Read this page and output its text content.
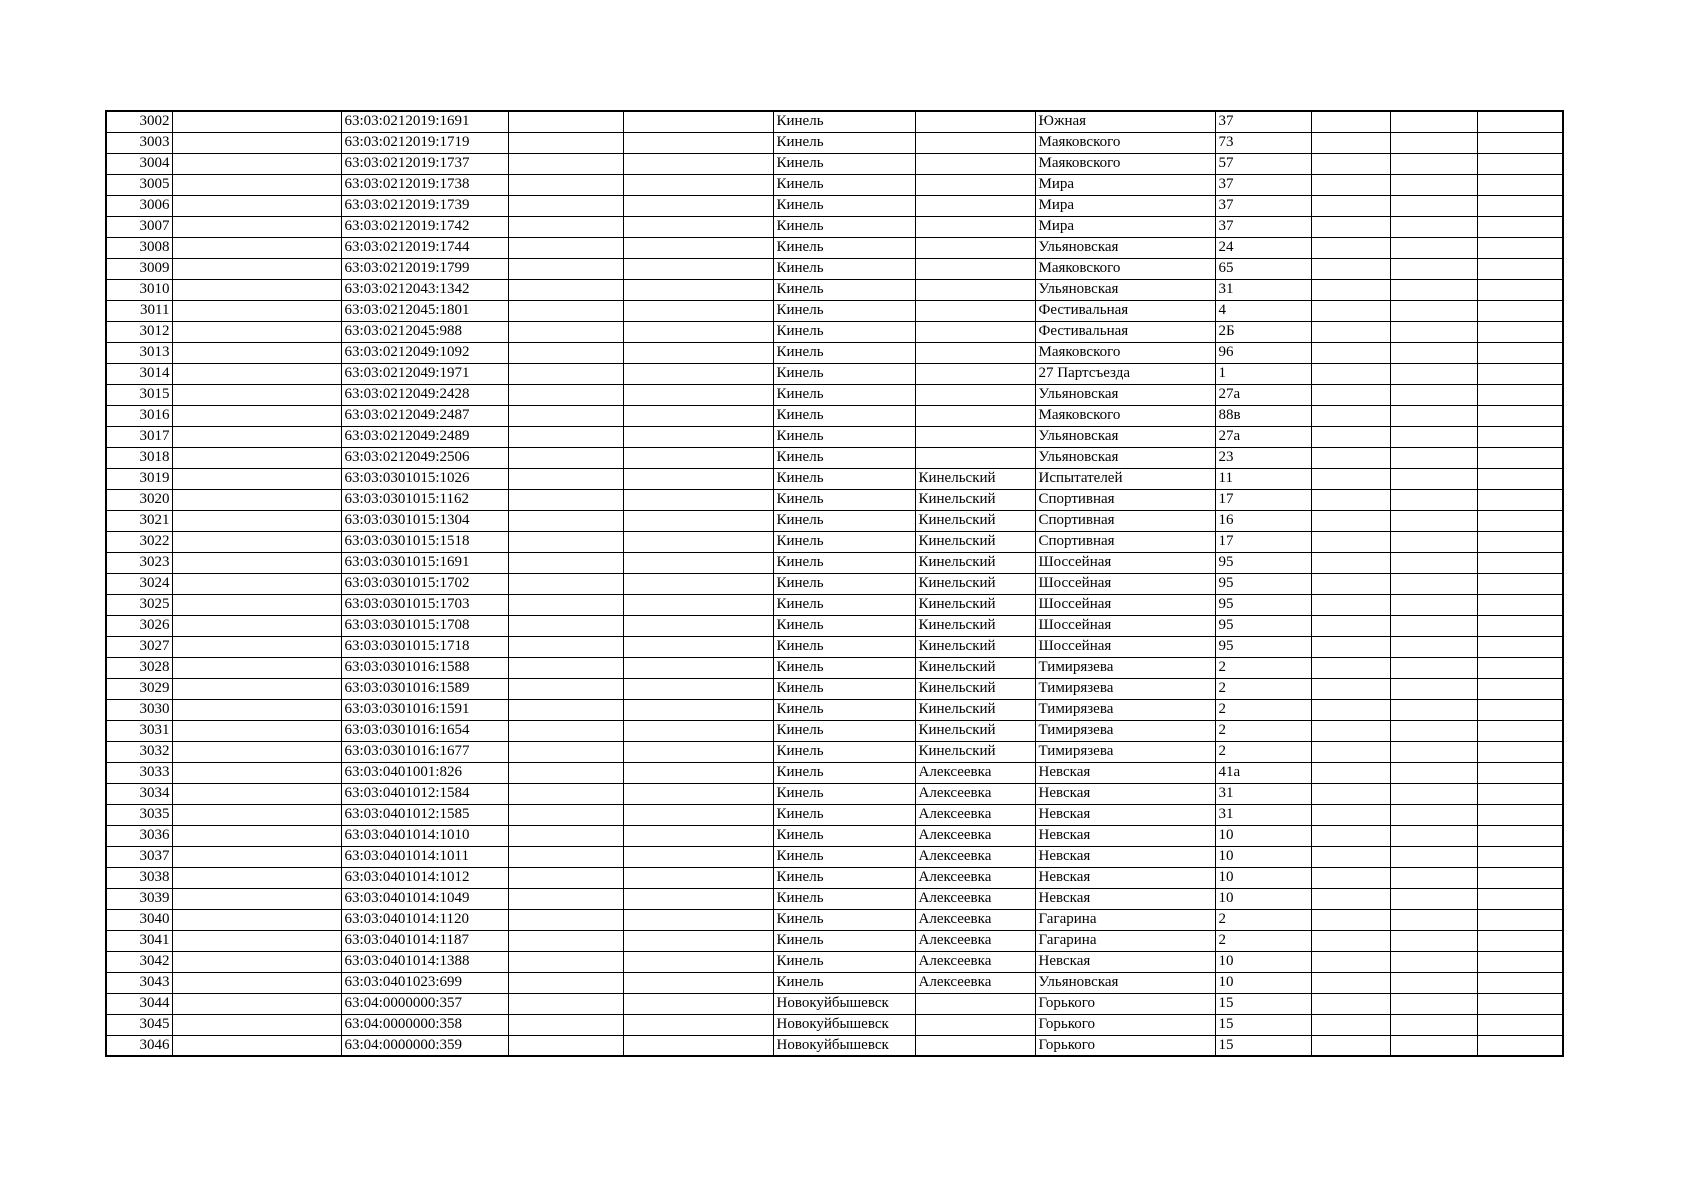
3002		63:03:0212019:1691			Кинель		Южная	37			
3003		63:03:0212019:1719			Кинель		Маяковского	73			
3004		63:03:0212019:1737			Кинель		Маяковского	57			
3005		63:03:0212019:1738			Кинель		Мира	37			
3006		63:03:0212019:1739			Кинель		Мира	37			
3007		63:03:0212019:1742			Кинель		Мира	37			
3008		63:03:0212019:1744			Кинель		Ульяновская	24			
3009		63:03:0212019:1799			Кинель		Маяковского	65			
3010		63:03:0212043:1342			Кинель		Ульяновская	31			
3011		63:03:0212045:1801			Кинель		Фестивальная	4			
3012		63:03:0212045:988			Кинель		Фестивальная	2Б			
3013		63:03:0212049:1092			Кинель		Маяковского	96			
3014		63:03:0212049:1971			Кинель		27 Партсъезда	1			
3015		63:03:0212049:2428			Кинель		Ульяновская	27а			
3016		63:03:0212049:2487			Кинель		Маяковского	88в			
3017		63:03:0212049:2489			Кинель		Ульяновская	27а			
3018		63:03:0212049:2506			Кинель		Ульяновская	23			
3019		63:03:0301015:1026			Кинель	Кинельский	Испытателей	11			
3020		63:03:0301015:1162			Кинель	Кинельский	Спортивная	17			
3021		63:03:0301015:1304			Кинель	Кинельский	Спортивная	16			
3022		63:03:0301015:1518			Кинель	Кинельский	Спортивная	17			
3023		63:03:0301015:1691			Кинель	Кинельский	Шоссейная	95			
3024		63:03:0301015:1702			Кинель	Кинельский	Шоссейная	95			
3025		63:03:0301015:1703			Кинель	Кинельский	Шоссейная	95			
3026		63:03:0301015:1708			Кинель	Кинельский	Шоссейная	95			
3027		63:03:0301015:1718			Кинель	Кинельский	Шоссейная	95			
3028		63:03:0301016:1588			Кинель	Кинельский	Тимирязева	2			
3029		63:03:0301016:1589			Кинель	Кинельский	Тимирязева	2			
3030		63:03:0301016:1591			Кинель	Кинельский	Тимирязева	2			
3031		63:03:0301016:1654			Кинель	Кинельский	Тимирязева	2			
3032		63:03:0301016:1677			Кинель	Кинельский	Тимирязева	2			
3033		63:03:0401001:826			Кинель	Алексеевка	Невская	41а			
3034		63:03:0401012:1584			Кинель	Алексеевка	Невская	31			
3035		63:03:0401012:1585			Кинель	Алексеевка	Невская	31			
3036		63:03:0401014:1010			Кинель	Алексеевка	Невская	10			
3037		63:03:0401014:1011			Кинель	Алексеевка	Невская	10			
3038		63:03:0401014:1012			Кинель	Алексеевка	Невская	10			
3039		63:03:0401014:1049			Кинель	Алексеевка	Невская	10			
3040		63:03:0401014:1120			Кинель	Алексеевка	Гагарина	2			
3041		63:03:0401014:1187			Кинель	Алексеевка	Гагарина	2			
3042		63:03:0401014:1388			Кинель	Алексеевка	Невская	10			
3043		63:03:0401023:699			Кинель	Алексеевка	Ульяновская	10			
3044		63:04:0000000:357			Новокуйбышевск		Горького	15			
3045		63:04:0000000:358			Новокуйбышевск		Горького	15			
3046		63:04:0000000:359			Новокуйбышевск		Горького	15			
